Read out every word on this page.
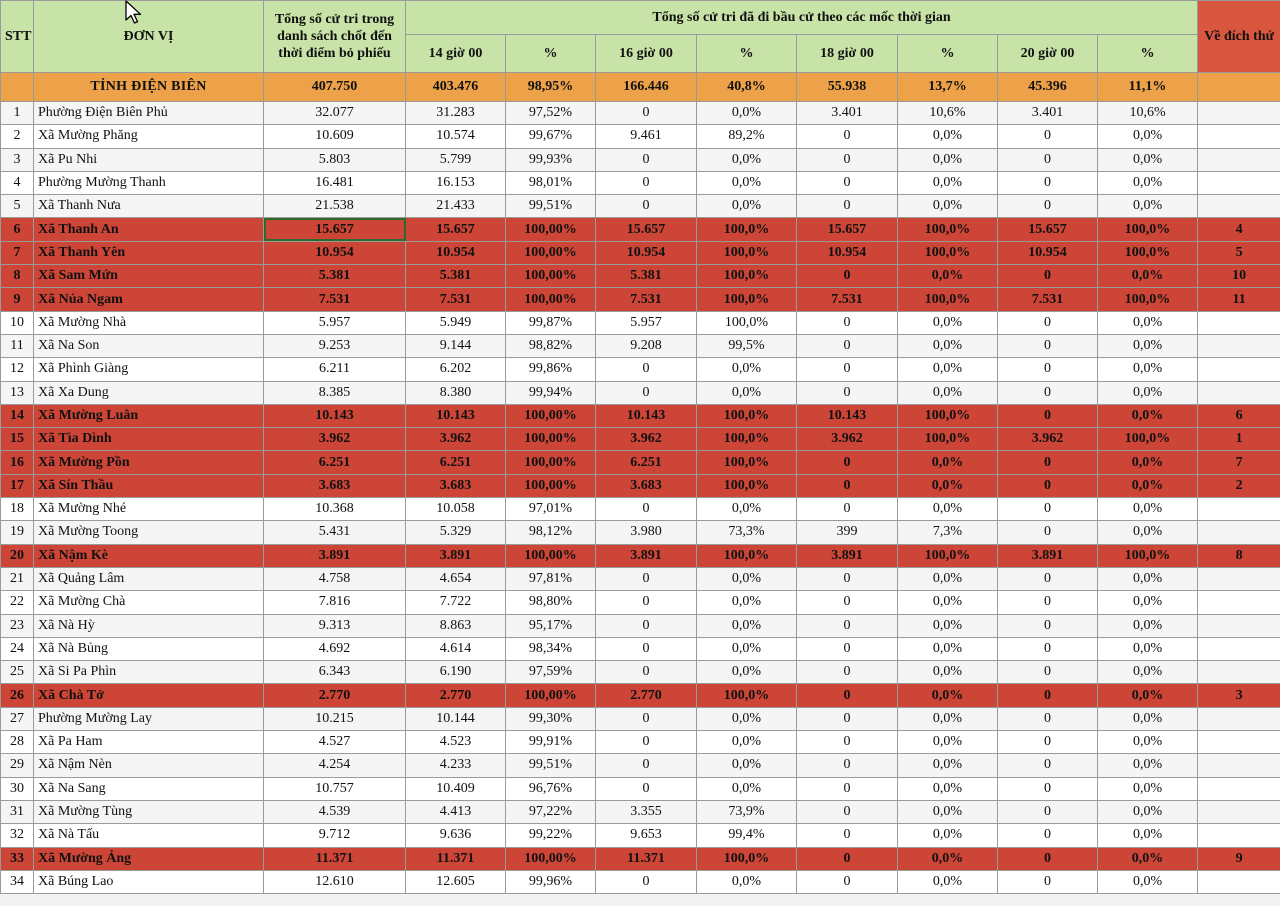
STT	ĐƠN VỊ	Tổng số cử tri trong danh sách chốt đến thời điểm bỏ phiếu	Tổng số cử tri đã đi bầu cử theo các mốc thời gian								Về đích thứ
			14 giờ 00	%	16 giờ 00	%	18 giờ 00	%	20 giờ 00	%	
	TỈNH ĐIỆN BIÊN	407.750	403.476	98,95%	166.446	40,8%	55.938	13,7%	45.396	11,1%	
1	Phường Điện Biên Phủ	32.077	31.283	97,52%	0	0,0%	3.401	10,6%	3.401	10,6%	
2	Xã Mường Phăng	10.609	10.574	99,67%	9.461	89,2%	0	0,0%	0	0,0%	
3	Xã Pu Nhi	5.803	5.799	99,93%	0	0,0%	0	0,0%	0	0,0%	
4	Phường Mường Thanh	16.481	16.153	98,01%	0	0,0%	0	0,0%	0	0,0%	
5	Xã Thanh Nưa	21.538	21.433	99,51%	0	0,0%	0	0,0%	0	0,0%	
6	Xã Thanh An	15.657	15.657	100,00%	15.657	100,0%	15.657	100,0%	15.657	100,0%	4
7	Xã Thanh Yên	10.954	10.954	100,00%	10.954	100,0%	10.954	100,0%	10.954	100,0%	5
8	Xã Sam Mứn	5.381	5.381	100,00%	5.381	100,0%	0	0,0%	0	0,0%	10
9	Xã Núa Ngam	7.531	7.531	100,00%	7.531	100,0%	7.531	100,0%	7.531	100,0%	11
10	Xã Mường Nhà	5.957	5.949	99,87%	5.957	100,0%	0	0,0%	0	0,0%	
11	Xã Na Son	9.253	9.144	98,82%	9.208	99,5%	0	0,0%	0	0,0%	
12	Xã Phình Giàng	6.211	6.202	99,86%	0	0,0%	0	0,0%	0	0,0%	
13	Xã Xa Dung	8.385	8.380	99,94%	0	0,0%	0	0,0%	0	0,0%	
14	Xã Mường Luân	10.143	10.143	100,00%	10.143	100,0%	10.143	100,0%	0	0,0%	6
15	Xã Tìa Dình	3.962	3.962	100,00%	3.962	100,0%	3.962	100,0%	3.962	100,0%	1
16	Xã Mường Pồn	6.251	6.251	100,00%	6.251	100,0%	0	0,0%	0	0,0%	7
17	Xã Sín Thầu	3.683	3.683	100,00%	3.683	100,0%	0	0,0%	0	0,0%	2
18	Xã Mường Nhé	10.368	10.058	97,01%	0	0,0%	0	0,0%	0	0,0%	
19	Xã Mường Toong	5.431	5.329	98,12%	3.980	73,3%	399	7,3%	0	0,0%	
20	Xã Nậm Kè	3.891	3.891	100,00%	3.891	100,0%	3.891	100,0%	3.891	100,0%	8
21	Xã Quảng Lâm	4.758	4.654	97,81%	0	0,0%	0	0,0%	0	0,0%	
22	Xã Mường Chà	7.816	7.722	98,80%	0	0,0%	0	0,0%	0	0,0%	
23	Xã Nà Hỳ	9.313	8.863	95,17%	0	0,0%	0	0,0%	0	0,0%	
24	Xã Nà Bủng	4.692	4.614	98,34%	0	0,0%	0	0,0%	0	0,0%	
25	Xã Si Pa Phìn	6.343	6.190	97,59%	0	0,0%	0	0,0%	0	0,0%	
26	Xã Chà Tở	2.770	2.770	100,00%	2.770	100,0%	0	0,0%	0	0,0%	3
27	Phường Mường Lay	10.215	10.144	99,30%	0	0,0%	0	0,0%	0	0,0%	
28	Xã Pa Ham	4.527	4.523	99,91%	0	0,0%	0	0,0%	0	0,0%	
29	Xã Nậm Nèn	4.254	4.233	99,51%	0	0,0%	0	0,0%	0	0,0%	
30	Xã Na Sang	10.757	10.409	96,76%	0	0,0%	0	0,0%	0	0,0%	
31	Xã Mường Tùng	4.539	4.413	97,22%	3.355	73,9%	0	0,0%	0	0,0%	
32	Xã Nà Tấu	9.712	9.636	99,22%	9.653	99,4%	0	0,0%	0	0,0%	
33	Xã Mường Ảng	11.371	11.371	100,00%	11.371	100,0%	0	0,0%	0	0,0%	9
34	Xã Búng Lao	12.610	12.605	99,96%	0	0,0%	0	0,0%	0	0,0%	
